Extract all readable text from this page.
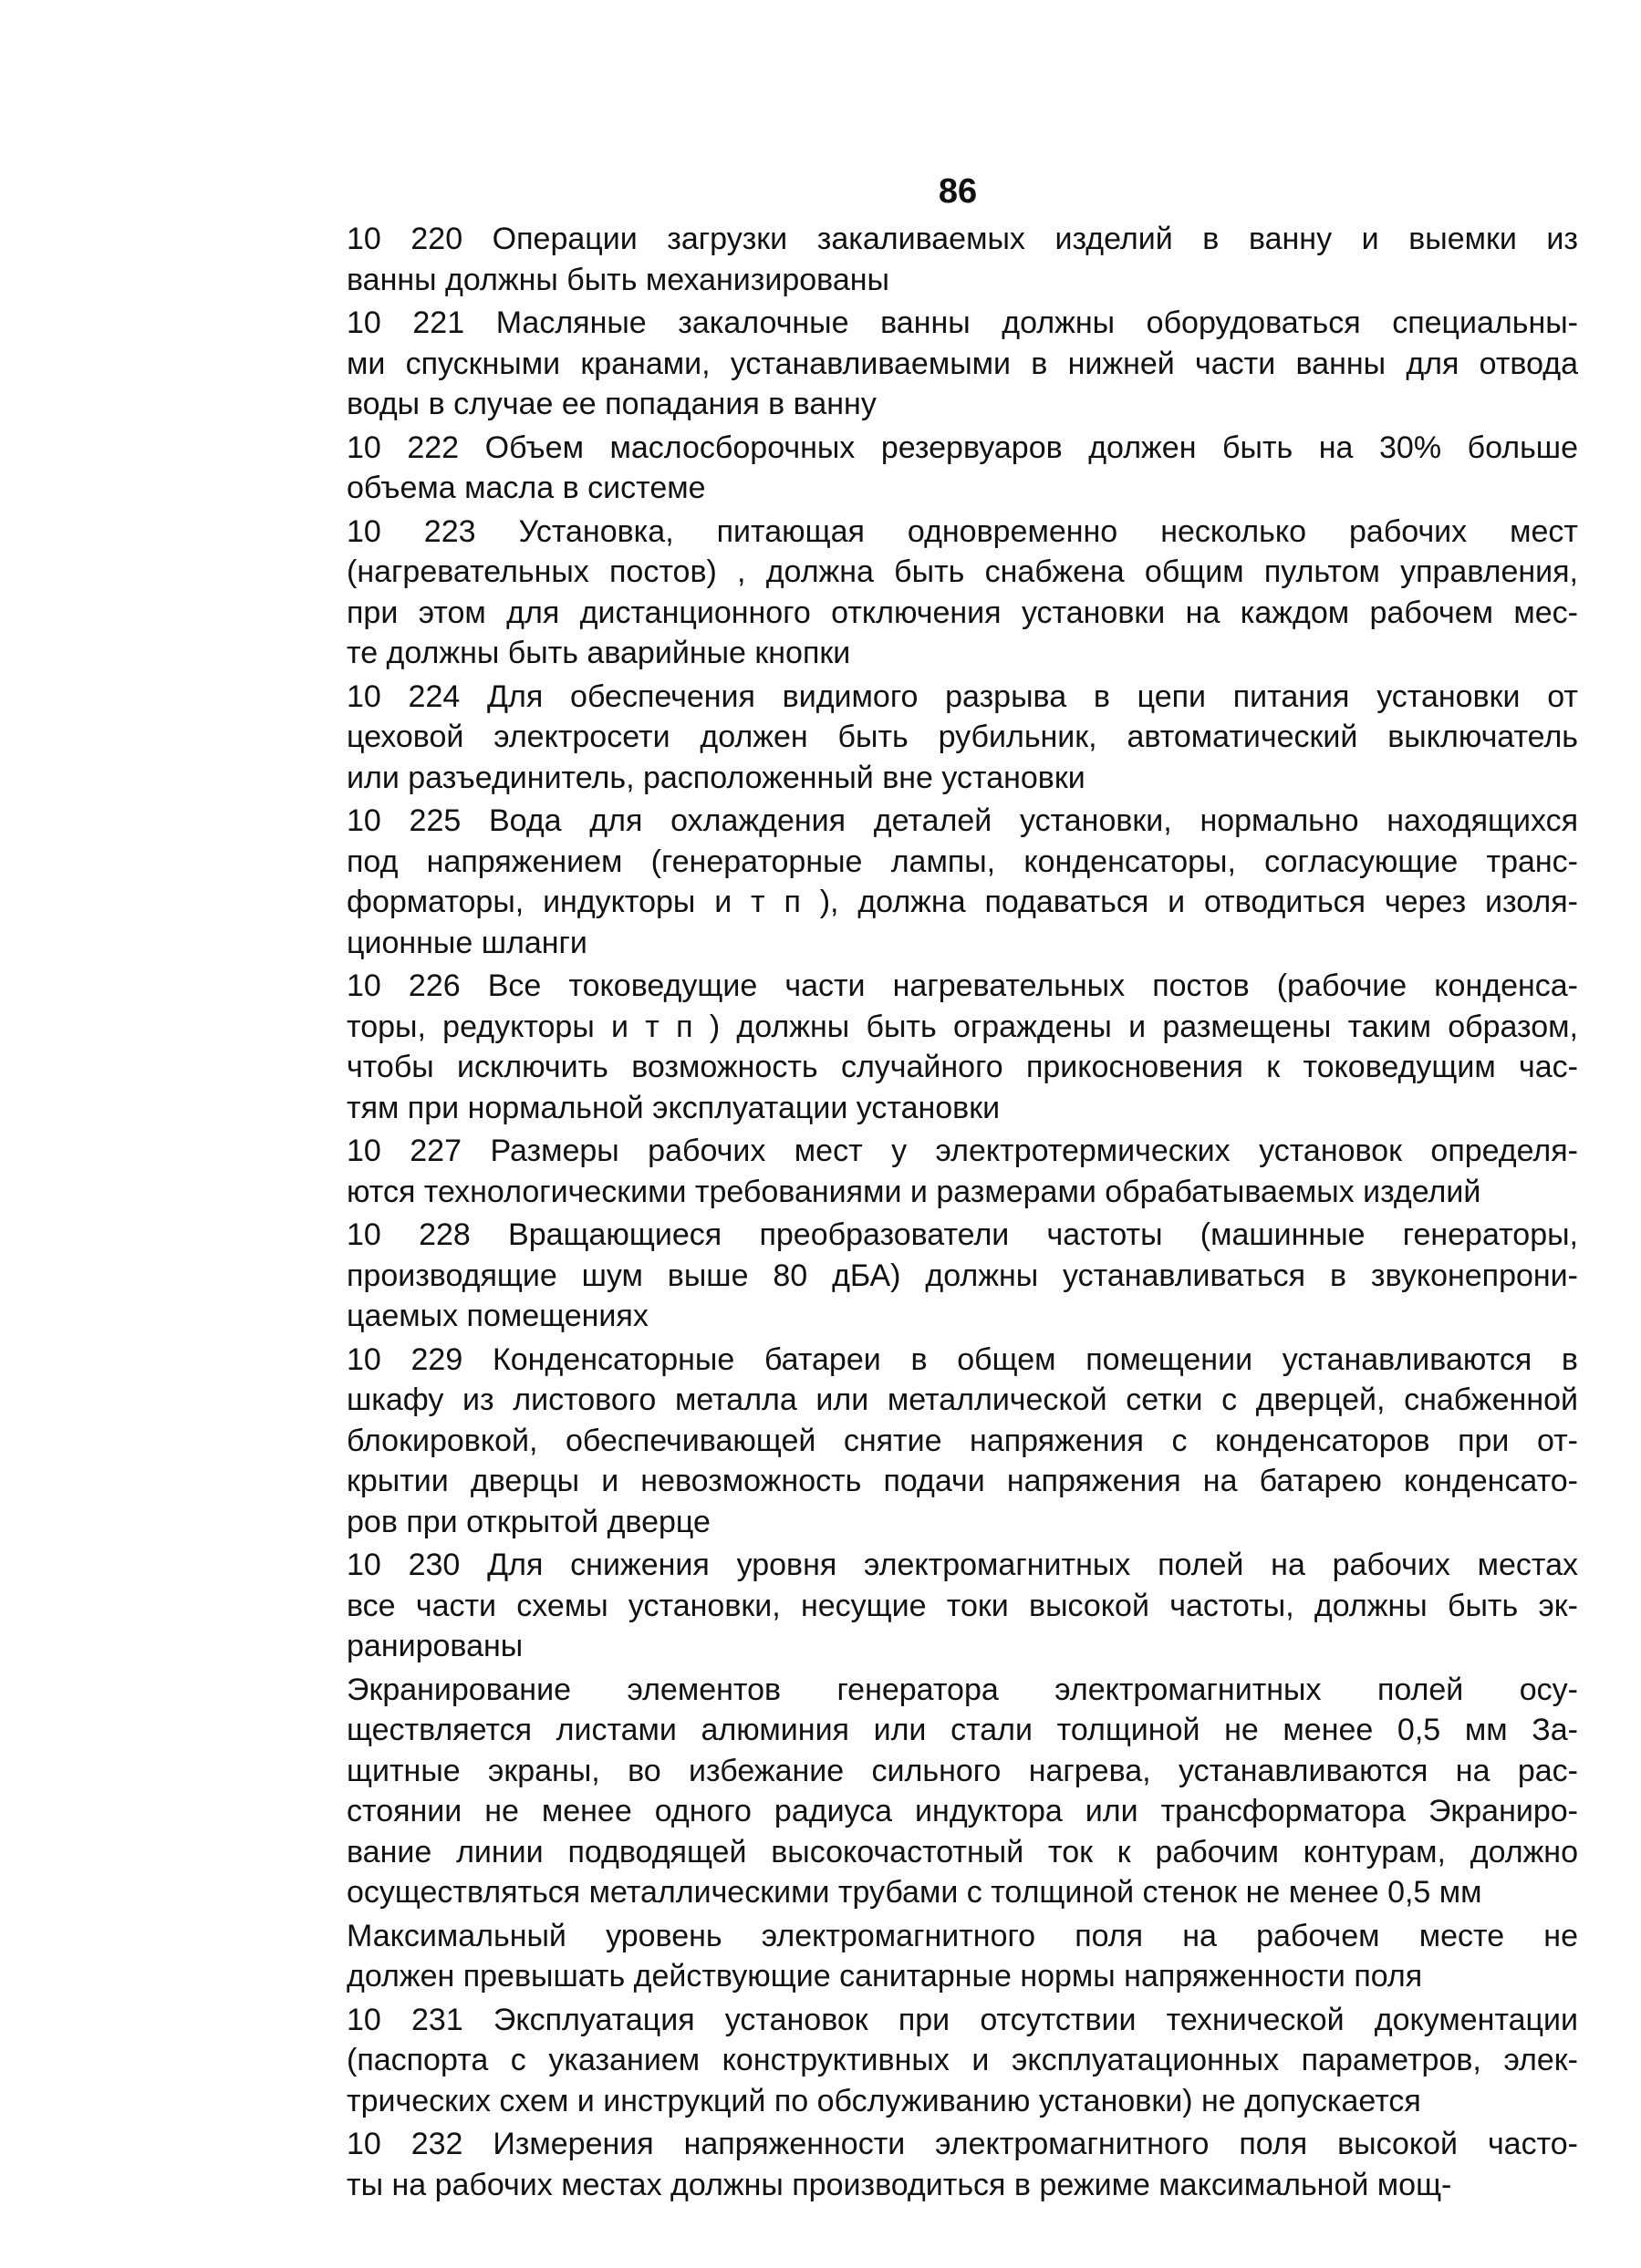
86
10 220 Операции загрузки закаливаемых изделий в ванну и выемки из
ванны должны быть механизированы
10 221 Масляные закалочные ванны должны оборудоваться специальны-
ми спускными кранами, устанавливаемыми в нижней части ванны для отвода
воды в случае ее попадания в ванну
10 222 Объем маслосборочных резервуаров должен быть на 30% больше
объема масла в системе
10 223 Установка, питающая одновременно несколько рабочих мест
(нагревательных постов) , должна быть снабжена общим пультом управления,
при этом для дистанционного отключения установки на каждом рабочем мес-
те должны быть аварийные кнопки
10 224 Для обеспечения видимого разрыва в цепи питания установки от
цеховой электросети должен быть рубильник, автоматический выключатель
или разъединитель, расположенный вне установки
10 225 Вода для охлаждения деталей установки, нормально находящихся
под напряжением (генераторные лампы, конденсаторы, согласующие транс-
форматоры, индукторы и т п ), должна подаваться и отводиться через изоля-
ционные шланги
10 226 Все токоведущие части нагревательных постов (рабочие конденса-
торы, редукторы и т п ) должны быть ограждены и размещены таким образом,
чтобы исключить возможность случайного прикосновения к токоведущим час-
тям при нормальной эксплуатации установки
10 227 Размеры рабочих мест у электротермических установок определя-
ются технологическими требованиями и размерами обрабатываемых изделий
10 228 Вращающиеся преобразователи частоты (машинные генераторы,
производящие шум выше 80 дБА) должны устанавливаться в звуконепрони-
цаемых помещениях
10 229 Конденсаторные батареи в общем помещении устанавливаются в
шкафу из листового металла или металлической сетки с дверцей, снабженной
блокировкой, обеспечивающей снятие напряжения с конденсаторов при от-
крытии дверцы и невозможность подачи напряжения на батарею конденсато-
ров при открытой дверце
10 230 Для снижения уровня электромагнитных полей на рабочих местах
все части схемы установки, несущие токи высокой частоты, должны быть эк-
ранированы
Экранирование элементов генератора электромагнитных полей осу-
ществляется листами алюминия или стали толщиной не менее 0,5 мм За-
щитные экраны, во избежание сильного нагрева, устанавливаются на рас-
стоянии не менее одного радиуса индуктора или трансформатора Экраниро-
вание линии подводящей высокочастотный ток к рабочим контурам, должно
осуществляться металлическими трубами с толщиной стенок не менее 0,5 мм
Максимальный уровень электромагнитного поля на рабочем месте не
должен превышать действующие санитарные нормы напряженности поля
10 231 Эксплуатация установок при отсутствии технической документации
(паспорта с указанием конструктивных и эксплуатационных параметров, элек-
трических схем и инструкций по обслуживанию установки) не допускается
10 232 Измерения напряженности электромагнитного поля высокой часто-
ты на рабочих местах должны производиться в режиме максимальной мощ-
